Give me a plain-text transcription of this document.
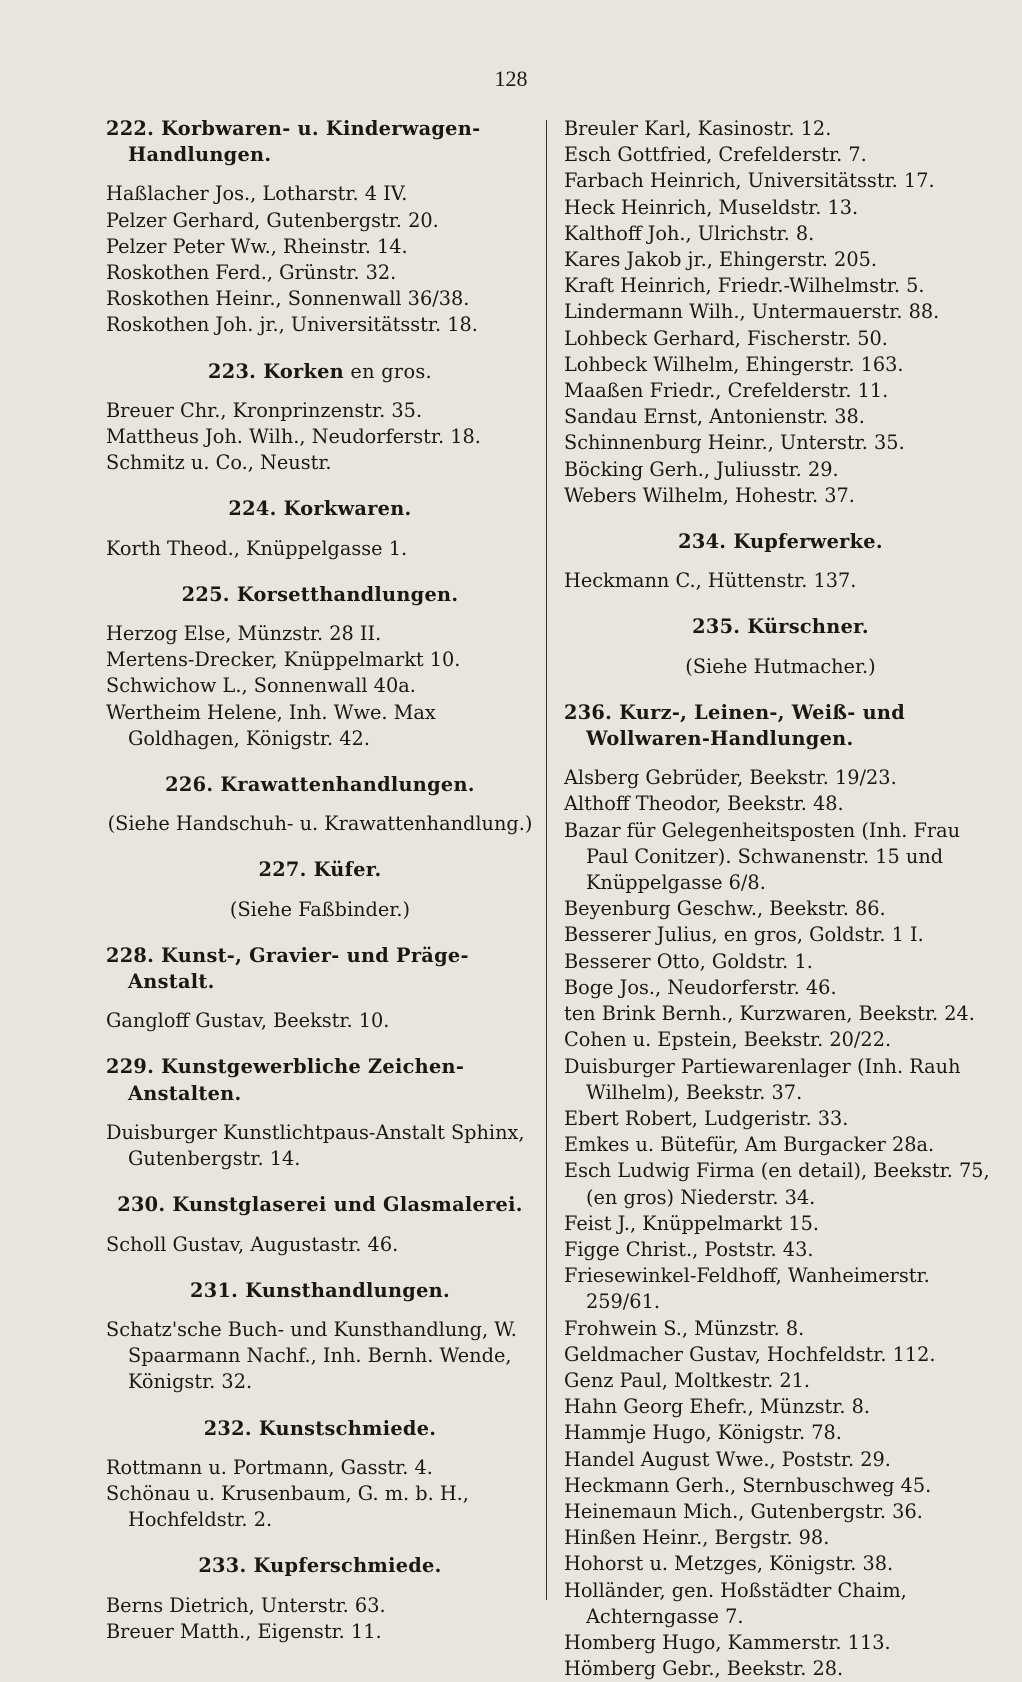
128
222. Korbwaren- u. Kinderwagen-Handlungen.
Haßlacher Jos., Lotharstr. 4 IV.
Pelzer Gerhard, Gutenbergstr. 20.
Pelzer Peter Ww., Rheinstr. 14.
Roskothen Ferd., Grünstr. 32.
Roskothen Heinr., Sonnenwall 36/38.
Roskothen Joh. jr., Universitätsstr. 18.
223. Korken en gros.
Breuer Chr., Kronprinzenstr. 35.
Mattheus Joh. Wilh., Neudorferstr. 18.
Schmitz u. Co., Neustr.
224. Korkwaren.
Korth Theod., Knüppelgasse 1.
225. Korsetthandlungen.
Herzog Else, Münzstr. 28 II.
Mertens-Drecker, Knüppelmarkt 10.
Schwichow L., Sonnenwall 40a.
Wertheim Helene, Inh. Wwe. Max Goldhagen, Königstr. 42.
226. Krawattenhandlungen.
(Siehe Handschuh- u. Krawattenhandlung.)
227. Küfer.
(Siehe Faßbinder.)
228. Kunst-, Gravier- und Präge-Anstalt.
Gangloff Gustav, Beekstr. 10.
229. Kunstgewerbliche Zeichen-Anstalten.
Duisburger Kunstlichtpaus-Anstalt Sphinx, Gutenbergstr. 14.
230. Kunstglaserei und Glasmalerei.
Scholl Gustav, Augustastr. 46.
231. Kunsthandlungen.
Schatz'sche Buch- und Kunsthandlung, W. Spaarmann Nachf., Inh. Bernh. Wende, Königstr. 32.
232. Kunstschmiede.
Rottmann u. Portmann, Gasstr. 4.
Schönau u. Krusenbaum, G. m. b. H., Hochfeldstr. 2.
233. Kupferschmiede.
Berns Dietrich, Unterstr. 63.
Breuer Matth., Eigenstr. 11.
Breuler Karl, Kasinostr. 12.
Esch Gottfried, Crefelderstr. 7.
Farbach Heinrich, Universitätsstr. 17.
Heck Heinrich, Museldstr. 13.
Kalthoff Joh., Ulrichstr. 8.
Kares Jakob jr., Ehingerstr. 205.
Kraft Heinrich, Friedr.-Wilhelmstr. 5.
Lindermann Wilh., Untermauerstr. 88.
Lohbeck Gerhard, Fischerstr. 50.
Lohbeck Wilhelm, Ehingerstr. 163.
Maaßen Friedr., Crefelderstr. 11.
Sandau Ernst, Antonienstr. 38.
Schinnenburg Heinr., Unterstr. 35.
Böcking Gerh., Juliusstr. 29.
Webers Wilhelm, Hohestr. 37.
234. Kupferwerke.
Heckmann C., Hüttenstr. 137.
235. Kürschner.
(Siehe Hutmacher.)
236. Kurz-, Leinen-, Weiß- und Wollwaren-Handlungen.
Alsberg Gebrüder, Beekstr. 19/23.
Althoff Theodor, Beekstr. 48.
Bazar für Gelegenheitsposten (Inh. Frau Paul Conitzer). Schwanenstr. 15 und Knüppelgasse 6/8.
Beyenburg Geschw., Beekstr. 86.
Besserer Julius, en gros, Goldstr. 1 I.
Besserer Otto, Goldstr. 1.
Boge Jos., Neudorferstr. 46.
ten Brink Bernh., Kurzwaren, Beekstr. 24.
Cohen u. Epstein, Beekstr. 20/22.
Duisburger Partiewarenlager (Inh. Rauh Wilhelm), Beekstr. 37.
Ebert Robert, Ludgeristr. 33.
Emkes u. Bütefür, Am Burgacker 28a.
Esch Ludwig Firma (en detail), Beekstr. 75, (en gros) Niederstr. 34.
Feist J., Knüppelmarkt 15.
Figge Christ., Poststr. 43.
Friesewinkel-Feldhoff, Wanheimerstr. 259/61.
Frohwein S., Münzstr. 8.
Geldmacher Gustav, Hochfeldstr. 112.
Genz Paul, Moltkestr. 21.
Hahn Georg Ehefr., Münzstr. 8.
Hammje Hugo, Königstr. 78.
Handel August Wwe., Poststr. 29.
Heckmann Gerh., Sternbuschweg 45.
Heinemaun Mich., Gutenbergstr. 36.
Hinßen Heinr., Bergstr. 98.
Hohorst u. Metzges, Königstr. 38.
Holländer, gen. Hoßstädter Chaim, Achterngasse 7.
Homberg Hugo, Kammerstr. 113.
Hömberg Gebr., Beekstr. 28.
